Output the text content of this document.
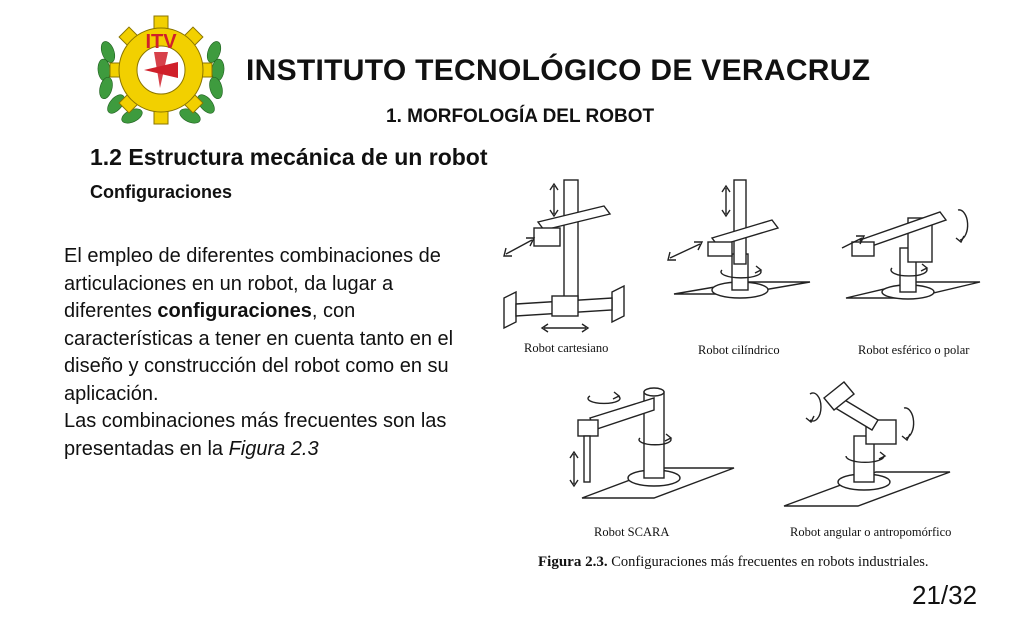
ITV
INSTITUTO TECNOLÓGICO DE VERACRUZ
1. MORFOLOGÍA DEL ROBOT
1.2 Estructura mecánica de un robot
Configuraciones

El empleo de diferentes combinaciones de articulaciones en un robot, da lugar a diferentes configuraciones, con características a tener en cuenta tanto en el diseño y construcción del robot como en su aplicación.

Las combinaciones más frecuentes son las presentadas en la Figura 2.3

Robot cartesiano	Robot cilíndrico	Robot esférico o polar
Robot SCARA	Robot angular o antropomórfico
Figura 2.3. Configuraciones más frecuentes en robots industriales.
21/32
